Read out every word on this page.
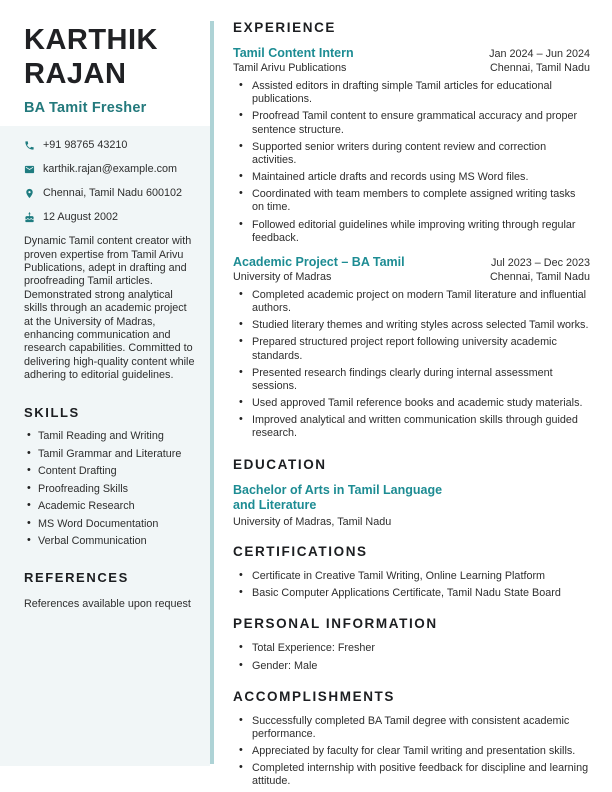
KARTHIK RAJAN
BA Tamit Fresher
+91 98765 43210
karthik.rajan@example.com
Chennai, Tamil Nadu 600102
12 August 2002

Dynamic Tamil content creator with proven expertise from Tamil Arivu Publications, adept in drafting and proofreading Tamil articles. Demonstrated strong analytical skills through an academic project at the University of Madras, enhancing communication and research capabilities. Committed to delivering high-quality content while adhering to editorial guidelines.

SKILLS
• Tamil Reading and Writing
• Tamil Grammar and Literature
• Content Drafting
• Proofreading Skills
• Academic Research
• MS Word Documentation
• Verbal Communication
REFERENCES
References available upon request
EXPERIENCE
Tamil Content Intern	Jan 2024 – Jun 2024
Tamil Arivu Publications	Chennai, Tamil Nadu
• Assisted editors in drafting simple Tamil articles for educational publications.
• Proofread Tamil content to ensure grammatical accuracy and proper sentence structure.
• Supported senior writers during content review and correction activities.
• Maintained article drafts and records using MS Word files.
• Coordinated with team members to complete assigned writing tasks on time.
• Followed editorial guidelines while improving writing through regular feedback.
Academic Project – BA Tamil	Jul 2023 – Dec 2023
University of Madras	Chennai, Tamil Nadu
• Completed academic project on modern Tamil literature and influential authors.
• Studied literary themes and writing styles across selected Tamil works.
• Prepared structured project report following university academic standards.
• Presented research findings clearly during internal assessment sessions.
• Used approved Tamil reference books and academic study materials.
• Improved analytical and written communication skills through guided research.
EDUCATION
Bachelor of Arts in Tamil Language and Literature
University of Madras, Tamil Nadu
CERTIFICATIONS
• Certificate in Creative Tamil Writing, Online Learning Platform
• Basic Computer Applications Certificate, Tamil Nadu State Board
PERSONAL INFORMATION
• Total Experience: Fresher
• Gender: Male
ACCOMPLISHMENTS
• Successfully completed BA Tamil degree with consistent academic performance.
• Appreciated by faculty for clear Tamil writing and presentation skills.
• Completed internship with positive feedback for discipline and learning attitude.
